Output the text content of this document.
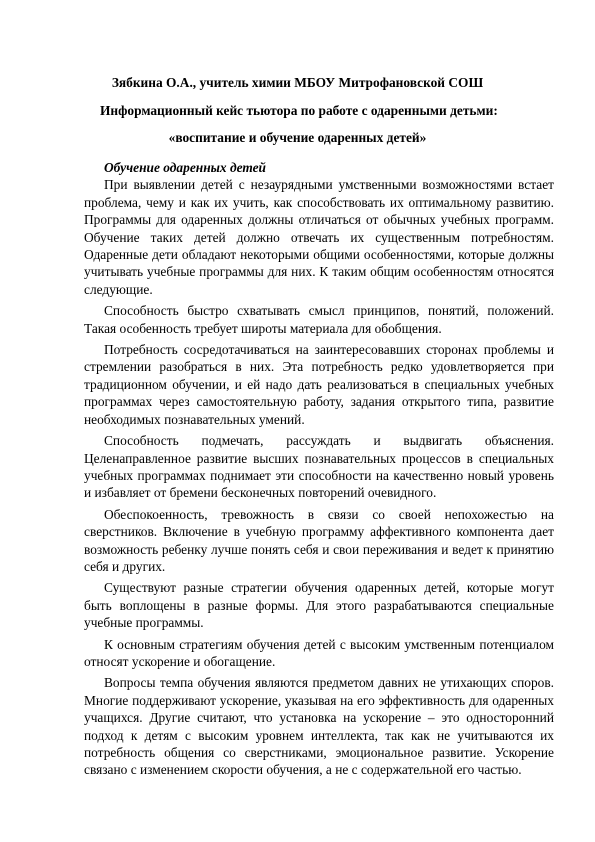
Зябкина О.А., учитель химии МБОУ Митрофановской СОШ
Информационный кейс тьютора по работе с одаренными детьми:
«воспитание и обучение одаренных детей»

Обучение одаренных детей

При выявлении детей с незаурядными умственными возможностями встает проблема, чему и как их учить, как способствовать их оптимальному развитию. Программы для одаренных должны отличаться от обычных учебных программ. Обучение таких детей должно отвечать их существенным потребностям. Одаренные дети обладают некоторыми общими особенностями, которые должны учитывать учебные программы для них. К таким общим особенностям относятся следующие.

Способность быстро схватывать смысл принципов, понятий, положений. Такая особенность требует широты материала для обобщения.

Потребность сосредотачиваться на заинтересовавших сторонах проблемы и стремлении разобраться в них. Эта потребность редко удовлетворяется при традиционном обучении, и ей надо дать реализоваться в специальных учебных программах через самостоятельную работу, задания открытого типа, развитие необходимых познавательных умений.

Способность подмечать, рассуждать и выдвигать объяснения. Целенаправленное развитие высших познавательных процессов в специальных учебных программах поднимает эти способности на качественно новый уровень и избавляет от бремени бесконечных повторений очевидного.

Обеспокоенность, тревожность в связи со своей непохожестью на сверстников. Включение в учебную программу аффективного компонента дает возможность ребенку лучше понять себя и свои переживания и ведет к принятию себя и других.

Существуют разные стратегии обучения одаренных детей, которые могут быть воплощены в разные формы. Для этого разрабатываются специальные учебные программы.

К основным стратегиям обучения детей с высоким умственным потенциалом относят ускорение и обогащение.

Вопросы темпа обучения являются предметом давних не утихающих споров. Многие поддерживают ускорение, указывая на его эффективность для одаренных учащихся. Другие считают, что установка на ускорение – это односторонний подход к детям с высоким уровнем интеллекта, так как не учитываются их потребность общения со сверстниками, эмоциональное развитие. Ускорение связано с изменением скорости обучения, а не с содержательной его частью.
